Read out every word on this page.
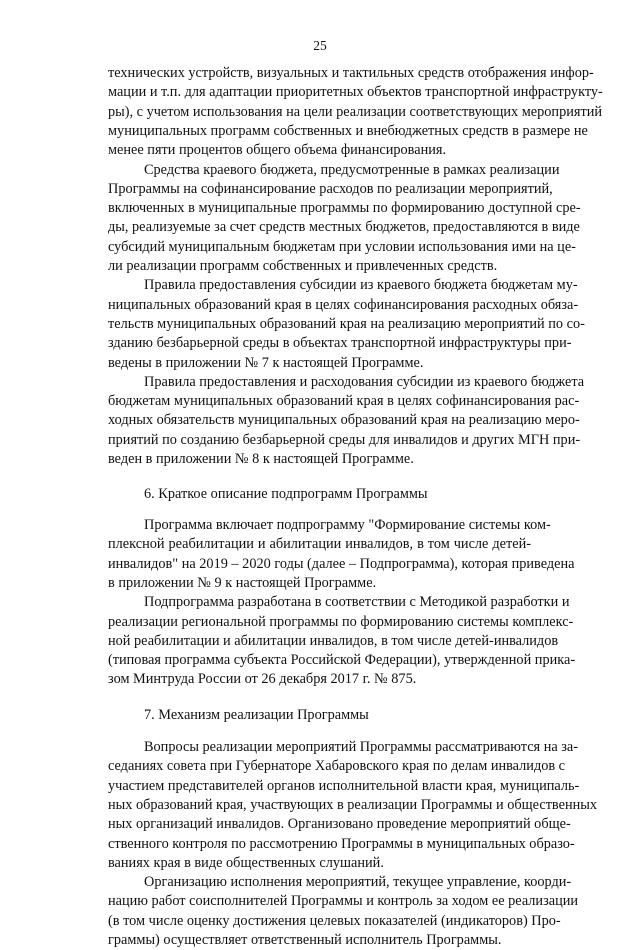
25
технических устройств, визуальных и тактильных средств отображения инфор-
мации и т.п. для адаптации приоритетных объектов транспортной инфраструкту-
ры), с учетом использования на цели реализации соответствующих мероприятий
муниципальных программ собственных и внебюджетных средств в размере не
менее пяти процентов общего объема финансирования.
Средства краевого бюджета, предусмотренные в рамках реализации
Программы на софинансирование расходов по реализации мероприятий,
включенных в муниципальные программы по формированию доступной сре-
ды, реализуемые за счет средств местных бюджетов, предоставляются в виде
субсидий муниципальным бюджетам при условии использования ими на це-
ли реализации программ собственных и привлеченных средств.
Правила предоставления субсидии из краевого бюджета бюджетам му-
ниципальных образований края в целях софинансирования расходных обяза-
тельств муниципальных образований края на реализацию мероприятий по со-
зданию безбарьерной среды в объектах транспортной инфраструктуры при-
ведены в приложении № 7 к настоящей Программе.
Правила предоставления и расходования субсидии из краевого бюджета
бюджетам муниципальных образований края в целях софинансирования рас-
ходных обязательств муниципальных образований края на реализацию меро-
приятий по созданию безбарьерной среды для инвалидов и других МГН при-
веден в приложении № 8 к настоящей Программе.
6. Краткое описание подпрограмм Программы
Программа включает подпрограмму "Формирование системы ком-
плексной реабилитации и абилитации инвалидов, в том числе детей-
инвалидов" на 2019 – 2020 годы (далее – Подпрограмма), которая приведена
в приложении № 9 к настоящей Программе.
Подпрограмма разработана в соответствии с Методикой разработки и
реализации региональной программы по формированию системы комплекс-
ной реабилитации и абилитации инвалидов, в том числе детей-инвалидов
(типовая программа субъекта Российской Федерации), утвержденной прика-
зом Минтруда России от 26 декабря 2017 г. № 875.
7. Механизм реализации Программы
Вопросы реализации мероприятий Программы рассматриваются на за-
седаниях совета при Губернаторе Хабаровского края по делам инвалидов с
участием представителей органов исполнительной власти края, муниципаль-
ных образований края, участвующих в реализации Программы и общественных
ных организаций инвалидов. Организовано проведение мероприятий обще-
ственного контроля по рассмотрению Программы в муниципальных образо-
ваниях края в виде общественных слушаний.
Организацию исполнения мероприятий, текущее управление, коорди-
нацию работ соисполнителей Программы и контроль за ходом ее реализации
(в том числе оценку достижения целевых показателей (индикаторов) Про-
граммы) осуществляет ответственный исполнитель Программы.
